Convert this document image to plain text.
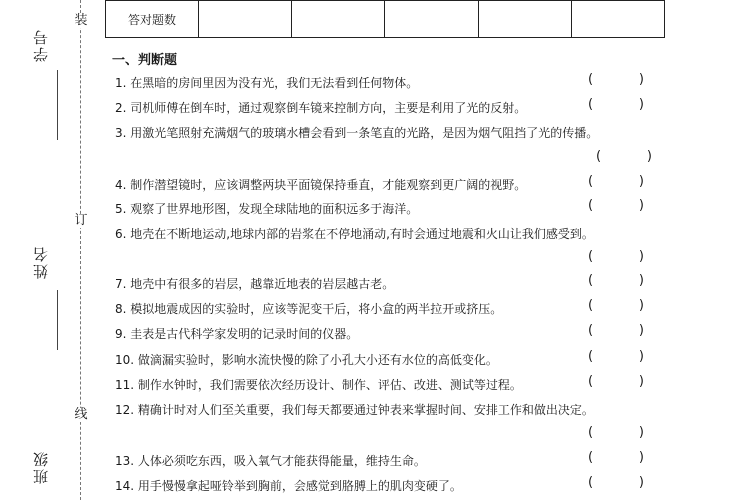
学号
姓名
班级
装
订
线
答对题数					
一、判断题
1. 在黑暗的房间里因为没有光，我们无法看到任何物体。	(	)
2. 司机师傅在倒车时，通过观察倒车镜来控制方向，主要是利用了光的反射。	(	)
3. 用激光笔照射充满烟气的玻璃水槽会看到一条笔直的光路，是因为烟气阻挡了光的传播。
(	)
4. 制作潜望镜时，应该调整两块平面镜保持垂直，才能观察到更广阔的视野。	(	)
5. 观察了世界地形图，发现全球陆地的面积远多于海洋。	(	)
6. 地壳在不断地运动,地球内部的岩浆在不停地涌动,有时会通过地震和火山让我们感受到。
(	)
7. 地壳中有很多的岩层，越靠近地表的岩层越古老。	(	)
8. 模拟地震成因的实验时，应该等泥变干后，将小盒的两半拉开或挤压。	(	)
9. 圭表是古代科学家发明的记录时间的仪器。	(	)
10. 做滴漏实验时，影响水流快慢的除了小孔大小还有水位的高低变化。	(	)
11. 制作水钟时，我们需要依次经历设计、制作、评估、改进、测试等过程。	(	)
12. 精确计时对人们至关重要，我们每天都要通过钟表来掌握时间、安排工作和做出决定。
(	)
13. 人体必须吃东西，吸入氧气才能获得能量，维持生命。	(	)
14. 用手慢慢拿起哑铃举到胸前，会感觉到胳膊上的肌肉变硬了。	(	)
